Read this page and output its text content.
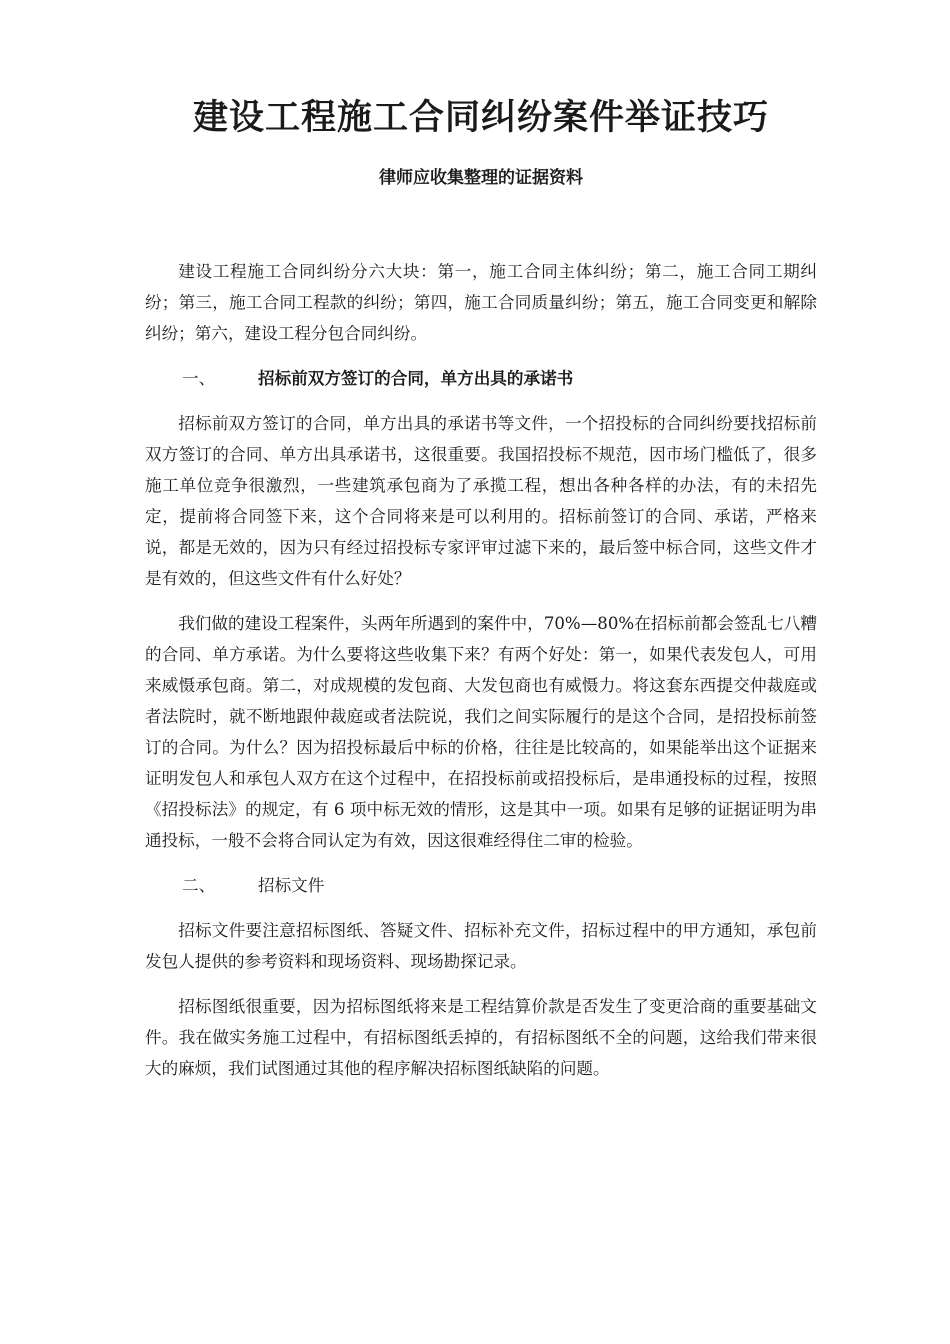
建设工程施工合同纠纷案件举证技巧
律师应收集整理的证据资料

建设工程施工合同纠纷分六大块：第一，施工合同主体纠纷；第二，施工合同工期纠纷；第三，施工合同工程款的纠纷；第四，施工合同质量纠纷；第五，施工合同变更和解除纠纷；第六，建设工程分包合同纠纷。

一、	招标前双方签订的合同，单方出具的承诺书

招标前双方签订的合同，单方出具的承诺书等文件，一个招投标的合同纠纷要找招标前双方签订的合同、单方出具承诺书，这很重要。我国招投标不规范，因市场门槛低了，很多施工单位竞争很激烈，一些建筑承包商为了承揽工程，想出各种各样的办法，有的未招先定，提前将合同签下来，这个合同将来是可以利用的。招标前签订的合同、承诺，严格来说，都是无效的，因为只有经过招投标专家评审过滤下来的，最后签中标合同，这些文件才是有效的，但这些文件有什么好处？

我们做的建设工程案件，头两年所遇到的案件中，70%—80%在招标前都会签乱七八糟的合同、单方承诺。为什么要将这些收集下来？有两个好处：第一，如果代表发包人，可用来威慑承包商。第二，对成规模的发包商、大发包商也有威慑力。将这套东西提交仲裁庭或者法院时，就不断地跟仲裁庭或者法院说，我们之间实际履行的是这个合同，是招投标前签订的合同。为什么？因为招投标最后中标的价格，往往是比较高的，如果能举出这个证据来证明发包人和承包人双方在这个过程中，在招投标前或招投标后，是串通投标的过程，按照《招投标法》的规定，有 6 项中标无效的情形，这是其中一项。如果有足够的证据证明为串通投标，一般不会将合同认定为有效，因这很难经得住二审的检验。

二、	招标文件

招标文件要注意招标图纸、答疑文件、招标补充文件，招标过程中的甲方通知，承包前发包人提供的参考资料和现场资料、现场勘探记录。

招标图纸很重要，因为招标图纸将来是工程结算价款是否发生了变更洽商的重要基础文件。我在做实务施工过程中，有招标图纸丢掉的，有招标图纸不全的问题，这给我们带来很大的麻烦，我们试图通过其他的程序解决招标图纸缺陷的问题。
